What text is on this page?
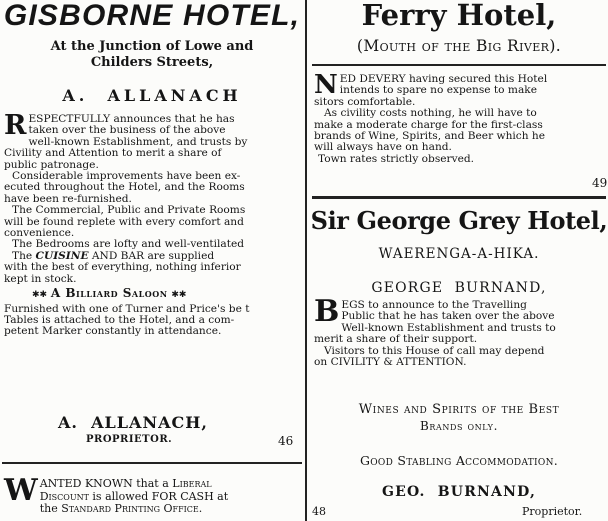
GISBORNE HOTEL,
At the Junction of Lowe and
Childers Streets,
A.  ALLANACH
R ESPECTFULLY announces that he has

taken over the business of the above

well-known Establishment, and trusts by

Civility and Attention to merit a share of

public patronage.

Considerable improvements have been ex-

ecuted throughout the Hotel, and the Rooms

have been re-furnished.

The Commercial, Public and Private Rooms

will be found replete with every comfort and

convenience.

The Bedrooms are lofty and well-ventilated

The CUISINE AND BAR are supplied

with the best of everything, nothing inferior

kept in stock.

✱✱ A Billiard Saloon ✱✱

Furnished with one of Turner and Price's be t

Tables is attached to the Hotel, and a com-

petent Marker constantly in attendance.

A.  ALLANACH,
PROPRIETOR.	46
W ANTED KNOWN that a Liberal

Discount is allowed FOR CASH at

the Standard Printing Office.

Ferry Hotel,
(Mouth of the Big River).
N ED DEVERY having secured this Hotel

intends to spare no expense to make

sitors comfortable.

As civility costs nothing, he will have to

make a moderate charge for the first-class

brands of Wine, Spirits, and Beer which he

will always have on hand.

Town rates strictly observed.

49
Sir George Grey Hotel,
WAERENGA-A-HIKA.
GEORGE  BURNAND,
B EGS to announce to the Travelling

Public that he has taken over the above

Well-known Establishment and trusts to

merit a share of their support.

Visitors to this House of call may depend

on CIVILITY & ATTENTION.

Wines and Spirits of the Best
Brands only.
Good Stabling Accommodation.
GEO.  BURNAND,
48	Proprietor.
